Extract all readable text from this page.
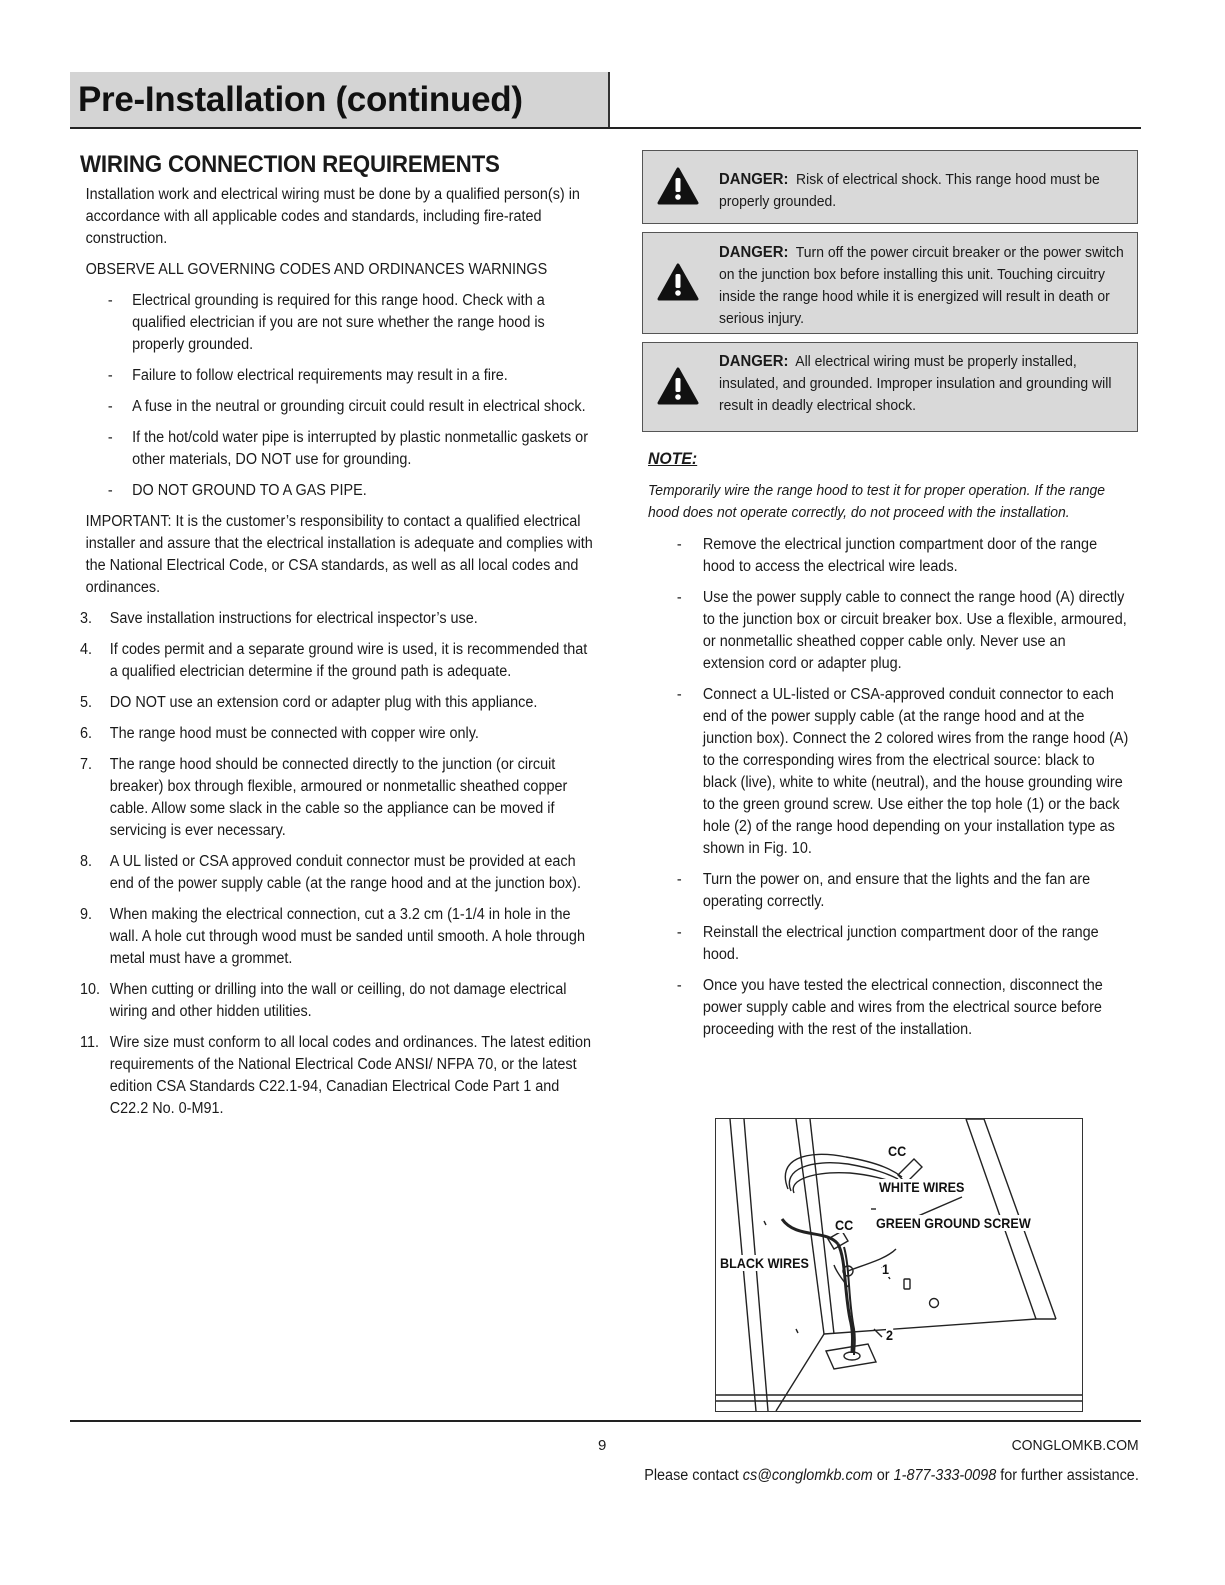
Pre-Installation (continued)
WIRING CONNECTION REQUIREMENTS

Installation work and electrical wiring must be done by a qualified person(s) in accordance with all applicable codes and standards, including fire-rated construction.

OBSERVE ALL GOVERNING CODES AND ORDINANCES WARNINGS

- Electrical grounding is required for this range hood. Check with a qualified electrician if you are not sure whether the range hood is properly grounded.
- Failure to follow electrical requirements may result in a fire.
- A fuse in the neutral or grounding circuit could result in electrical shock.
- If the hot/cold water pipe is interrupted by plastic nonmetallic gaskets or other materials, DO NOT use for grounding.
- DO NOT GROUND TO A GAS PIPE.

IMPORTANT: It is the customer’s responsibility to contact a qualified electrical installer and assure that the electrical installation is adequate and complies with the National Electrical Code, or CSA standards, as well as all local codes and ordinances.

3. Save installation instructions for electrical inspector’s use.
4. If codes permit and a separate ground wire is used, it is recommended that a qualified electrician determine if the ground path is adequate.
5. DO NOT use an extension cord or adapter plug with this appliance.
6. The range hood must be connected with copper wire only.
7. The range hood should be connected directly to the junction (or circuit breaker) box through flexible, armoured or nonmetallic sheathed copper cable. Allow some slack in the cable so the appliance can be moved if servicing is ever necessary.
8. A UL listed or CSA approved conduit connector must be provided at each end of the power supply cable (at the range hood and at the junction box).
9. When making the electrical connection, cut a 3.2 cm (1-1/4 in hole in the wall. A hole cut through wood must be sanded until smooth. A hole through metal must have a grommet.
10. When cutting or drilling into the wall or ceilling, do not damage electrical wiring and other hidden utilities.
11. Wire size must conform to all local codes and ordinances. The latest edition requirements of the National Electrical Code ANSI/ NFPA 70, or the latest edition CSA Standards C22.1-94, Canadian Electrical Code Part 1 and C22.2 No. 0-M91.
DANGER: Risk of electrical shock. This range hood must be properly grounded.
DANGER: Turn off the power circuit breaker or the power switch on the junction box before installing this unit. Touching circuitry inside the range hood while it is energized will result in death or serious injury.
DANGER: All electrical wiring must be properly installed, insulated, and grounded. Improper insulation and grounding will result in deadly electrical shock.

NOTE:

Temporarily wire the range hood to test it for proper operation. If the range hood does not operate correctly, do not proceed with the installation.

- Remove the electrical junction compartment door of the range hood to access the electrical wire leads.
- Use the power supply cable to connect the range hood (A) directly to the junction box or circuit breaker box. Use a flexible, armoured, or nonmetallic sheathed copper cable only. Never use an extension cord or adapter plug.
- Connect a UL-listed or CSA-approved conduit connector to each end of the power supply cable (at the range hood and at the junction box). Connect the 2 colored wires from the range hood (A) to the corresponding wires from the electrical source: black to black (live), white to white (neutral), and the house grounding wire to the green ground screw. Use either the top hole (1) or the back hole (2) of the range hood depending on your installation type as shown in Fig. 10.
- Turn the power on, and ensure that the lights and the fan are operating correctly.
- Reinstall the electrical junction compartment door of the range hood.
- Once you have tested the electrical connection, disconnect the power supply cable and wires from the electrical source before proceeding with the rest of the installation.
CC
WHITE WIRES
CC GREEN GROUND SCREW
BLACK WIRES	1
2
9	CONGLOMKB.COM
Please contact cs@conglomkb.com or 1-877-333-0098 for further assistance.
